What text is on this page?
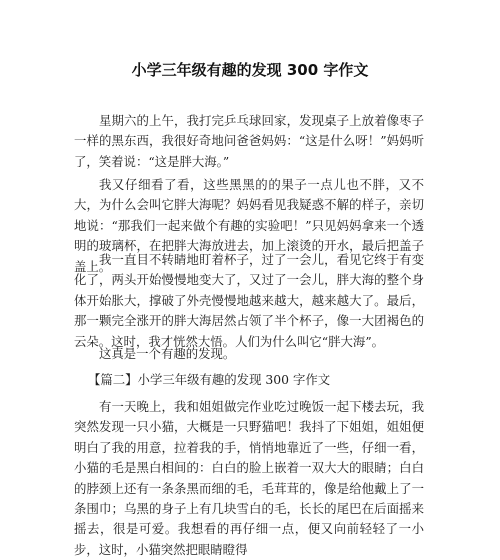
小学三年级有趣的发现 300 字作文

星期六的上午，我打完乒乓球回家，发现桌子上放着像枣子一样的黑东西，我很好奇地问爸爸妈妈：“这是什么呀！”妈妈听了，笑着说：“这是胖大海。”

我又仔细看了看，这些黑黑的的果子一点儿也不胖，又不大，为什么会叫它胖大海呢？妈妈看见我疑惑不解的样子，亲切地说：“那我们一起来做个有趣的实验吧！”只见妈妈拿来一个透明的玻璃杯，在把胖大海放进去，加上滚烫的开水，最后把盖子盖上。

我一直目不转睛地盯着杯子，过了一会儿，看见它终于有变化了，两头开始慢慢地变大了，又过了一会儿，胖大海的整个身体开始胀大，撑破了外壳慢慢地越来越大，越来越大了。最后，那一颗完全涨开的胖大海居然占领了半个杯子，像一大团褐色的云朵。这时，我才恍然大悟。人们为什么叫它“胖大海”。

这真是一个有趣的发现。

【篇二】小学三年级有趣的发现 300 字作文

有一天晚上，我和姐姐做完作业吃过晚饭一起下楼去玩，我突然发现一只小猫，大概是一只野猫吧！我抖了下姐姐，姐姐便明白了我的用意，拉着我的手，悄悄地靠近了一些，仔细一看，小猫的毛是黑白相间的：白白的脸上嵌着一双大大的眼睛；白白的脖颈上还有一条条黑而细的毛，毛茸茸的，像是给他戴上了一条围巾；乌黑的身子上有几块雪白的毛，长长的尾巴在后面摇来摇去，很是可爱。我想看的再仔细一点，便又向前轻轻了一小步，这时，小猫突然把眼睛瞪得
